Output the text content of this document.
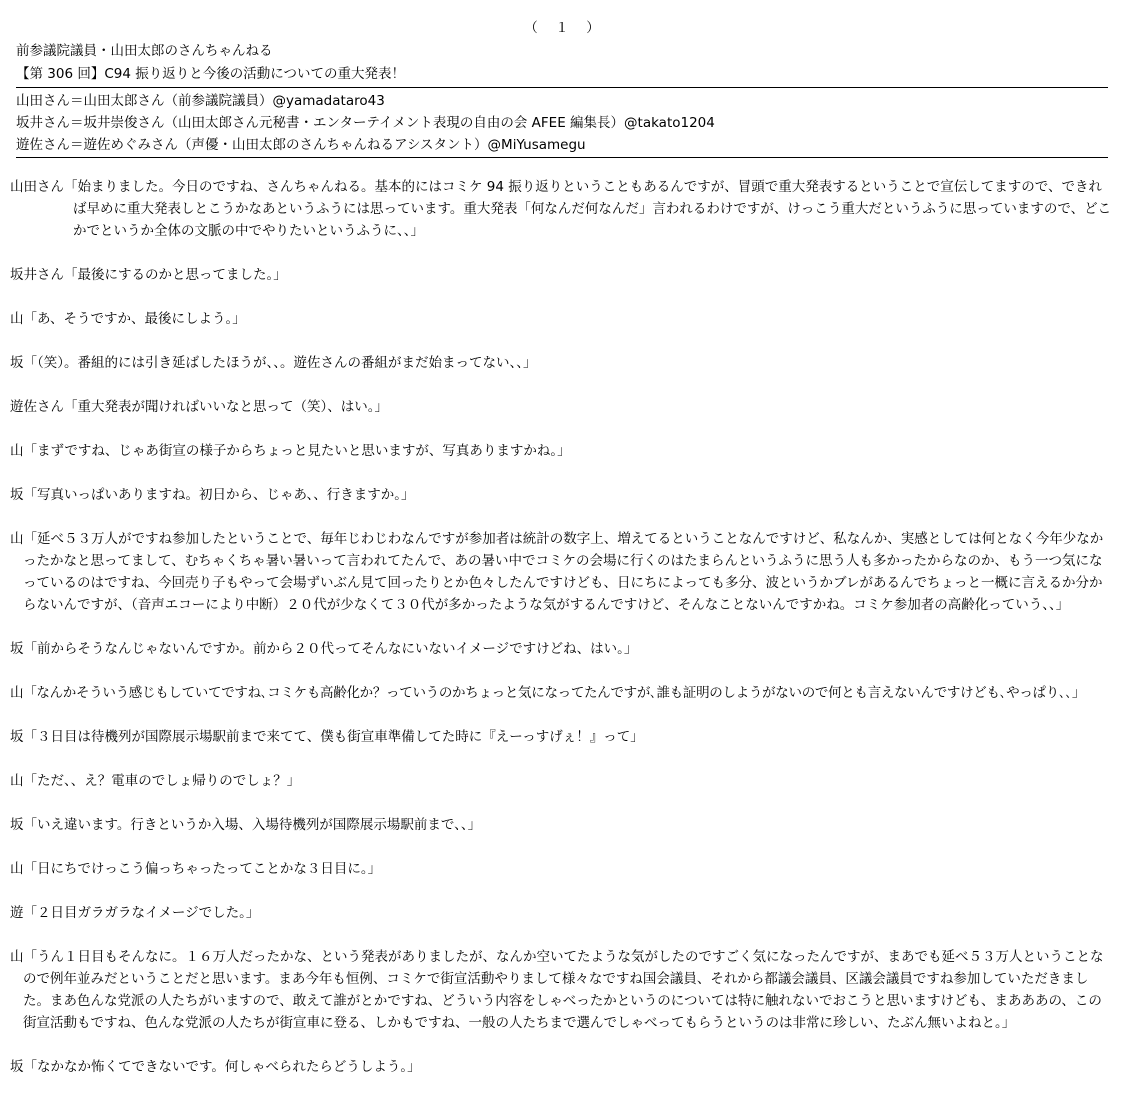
（　１　）
前参議院議員・山田太郎のさんちゃんねる
【第 306 回】C94 振り返りと今後の活動についての重大発表！
山田さん＝山田太郎さん（前参議院議員）@yamadataro43
坂井さん＝坂井崇俊さん（山田太郎さん元秘書・エンターテイメント表現の自由の会 AFEE 編集長）@takato1204
遊佐さん＝遊佐めぐみさん（声優・山田太郎のさんちゃんねるアシスタント）@MiYusamegu
山田さん「始まりました。今日のですね、さんちゃんねる。基本的にはコミケ 94 振り返りということもあるんですが、冒頭で重大発表するということで宣伝してますので、できれば早めに重大発表しとこうかなあというふうには思っています。重大発表「何なんだ何なんだ」言われるわけですが、けっこう重大だというふうに思っていますので、どこかでというか全体の文脈の中でやりたいというふうに、、」
坂井さん「最後にするのかと思ってました。」
山「あ、そうですか、最後にしよう。」
坂「（笑）。番組的には引き延ばしたほうが、、。遊佐さんの番組がまだ始まってない、、」
遊佐さん「重大発表が聞ければいいなと思って（笑）、はい。」
山「まずですね、じゃあ街宣の様子からちょっと見たいと思いますが、写真ありますかね。」
坂「写真いっぱいありますね。初日から、じゃあ、、行きますか。」
山「延べ５３万人がですね参加したということで、毎年じわじわなんですが参加者は統計の数字上、増えてるということなんですけど、私なんか、実感としては何となく今年少なかったかなと思ってまして、むちゃくちゃ暑い暑いって言われてたんで、あの暑い中でコミケの会場に行くのはたまらんというふうに思う人も多かったからなのか、もう一つ気になっているのはですね、今回売り子もやって会場ずいぶん見て回ったりとか色々したんですけども、日にちによっても多分、波というかブレがあるんでちょっと一概に言えるか分からないんですが、（音声エコーにより中断）２０代が少なくて３０代が多かったような気がするんですけど、そんなことないんですかね。コミケ参加者の高齢化っていう、、」
坂「前からそうなんじゃないんですか。前から２０代ってそんなにいないイメージですけどね、はい。」
山「なんかそういう感じもしていてですね､コミケも高齢化か？っていうのかちょっと気になってたんですが､誰も証明のしようがないので何とも言えないんですけども､やっぱり､､」
坂「３日目は待機列が国際展示場駅前まで来てて、僕も街宣車準備してた時に『えーっすげぇ！』って」
山「ただ、、え？電車のでしょ帰りのでしょ？」
坂「いえ違います。行きというか入場、入場待機列が国際展示場駅前まで、、」
山「日にちでけっこう偏っちゃったってことかな３日目に。」
遊「２日目ガラガラなイメージでした。」
山「うん１日目もそんなに。１６万人だったかな、という発表がありましたが、なんか空いてたような気がしたのですごく気になったんですが、まあでも延べ５３万人ということなので例年並みだということだと思います。まあ今年も恒例、コミケで街宣活動やりまして様々なですね国会議員、それから都議会議員、区議会議員ですね参加していただきました。まあ色んな党派の人たちがいますので、敢えて誰がとかですね、どういう内容をしゃべったかというのについては特に触れないでおこうと思いますけども、まあああの、この街宣活動もですね、色んな党派の人たちが街宣車に登る、しかもですね、一般の人たちまで選んでしゃべってもらうというのは非常に珍しい、たぶん無いよねと。」
坂「なかなか怖くてできないです。何しゃべられたらどうしよう。」
